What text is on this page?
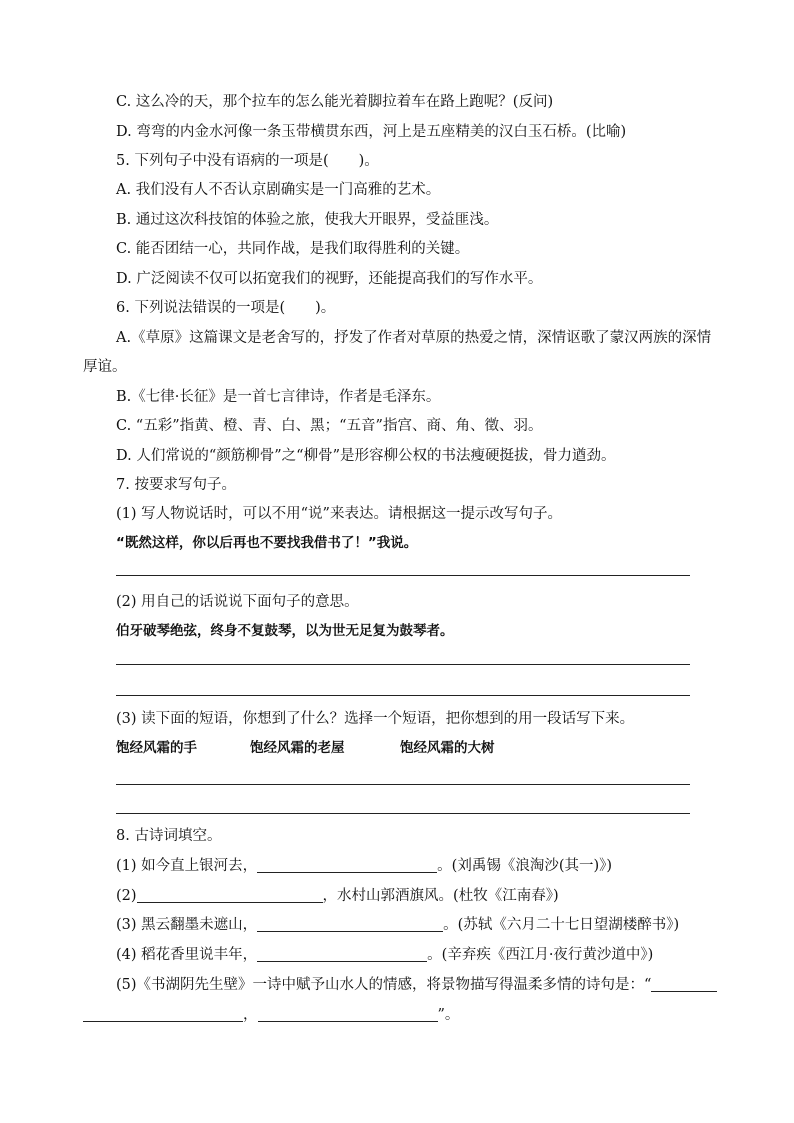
C. 这么冷的天，那个拉车的怎么能光着脚拉着车在路上跑呢？(反问)
D. 弯弯的内金水河像一条玉带横贯东西，河上是五座精美的汉白玉石桥。(比喻)
5. 下列句子中没有语病的一项是( )。
A. 我们没有人不否认京剧确实是一门高雅的艺术。
B. 通过这次科技馆的体验之旅，使我大开眼界，受益匪浅。
C. 能否团结一心，共同作战，是我们取得胜利的关键。
D. 广泛阅读不仅可以拓宽我们的视野，还能提高我们的写作水平。
6. 下列说法错误的一项是( )。
A.《草原》这篇课文是老舍写的，抒发了作者对草原的热爱之情，深情讴歌了蒙汉两族的深情
厚谊。
B.《七律·长征》是一首七言律诗，作者是毛泽东。
C. “五彩”指黄、橙、青、白、黑；“五音”指宫、商、角、徵、羽。
D. 人们常说的“颜筋柳骨”之“柳骨”是形容柳公权的书法瘦硬挺拔，骨力遒劲。
7. 按要求写句子。
(1) 写人物说话时，可以不用“说”来表达。请根据这一提示改写句子。
“既然这样，你以后再也不要找我借书了！”我说。
(2) 用自己的话说说下面句子的意思。
伯牙破琴绝弦，终身不复鼓琴，以为世无足复为鼓琴者。
(3) 读下面的短语，你想到了什么？选择一个短语，把你想到的用一段话写下来。
饱经风霜的手	饱经风霜的老屋	饱经风霜的大树
8. 古诗词填空。
(1) 如今直上银河去，	。(刘禹锡《浪淘沙(其一)》)
(2)	，水村山郭酒旗风。(杜牧《江南春》)
(3) 黑云翻墨未遮山，	。(苏轼《六月二十七日望湖楼醉书》)
(4) 稻花香里说丰年，	。(辛弃疾《西江月·夜行黄沙道中》)
(5)《书湖阴先生壁》一诗中赋予山水人的情感，将景物描写得温柔多情的诗句是：“
，	”。
